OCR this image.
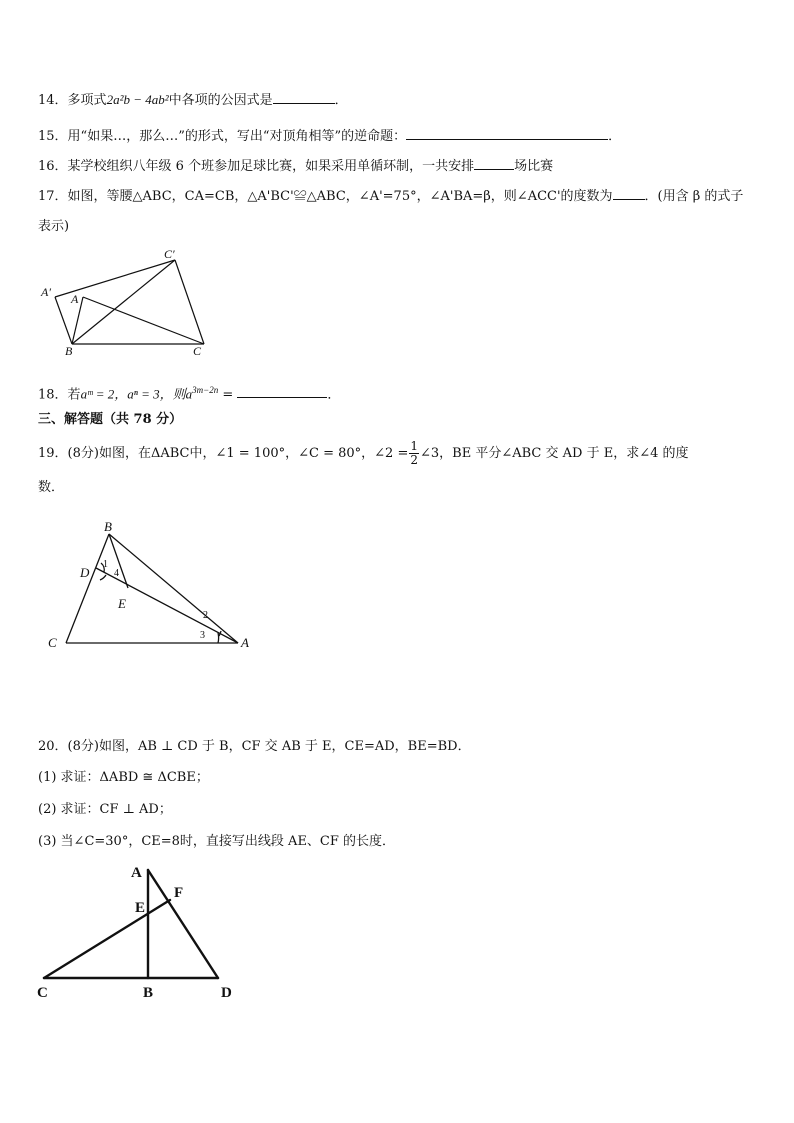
14．多项式2a²b − 4ab²中各项的公因式是	．
15．用“如果…，那么…”的形式，写出“对顶角相等”的逆命题：	．
16．某学校组织八年级 6 个班参加足球比赛，如果采用单循环制，一共安排	场比赛
17．如图，等腰△ABC，CA=CB，△A'BC'≌△ABC，∠A'=75°，∠A'BA=β，则∠ACC'的度数为 ．(用含 β 的式子
表示)
C′
A′ A
B	C
18．若aᵐ = 2，aⁿ = 3，则$a^{3m-2n}$ =	．
三、解答题（共 78 分）
19．(8分)如图，在ΔABC中，∠1 = 100°，∠C = 80°，∠2 = $\frac{1}{2}$ ∠3，BE 平分∠ABC 交 AD 于 E，求∠4 的度
数．
B
D
E
C	A
1
4
2
3
20．(8分)如图，AB ⊥ CD 于 B，CF 交 AB 于 E，CE=AD，BE=BD．
(1) 求证：ΔABD ≅ ΔCBE；
(2) 求证：CF ⊥ AD；
(3) 当∠C=30°，CE=8时，直接写出线段 AE、CF 的长度．
A
E
F
C	B	D
